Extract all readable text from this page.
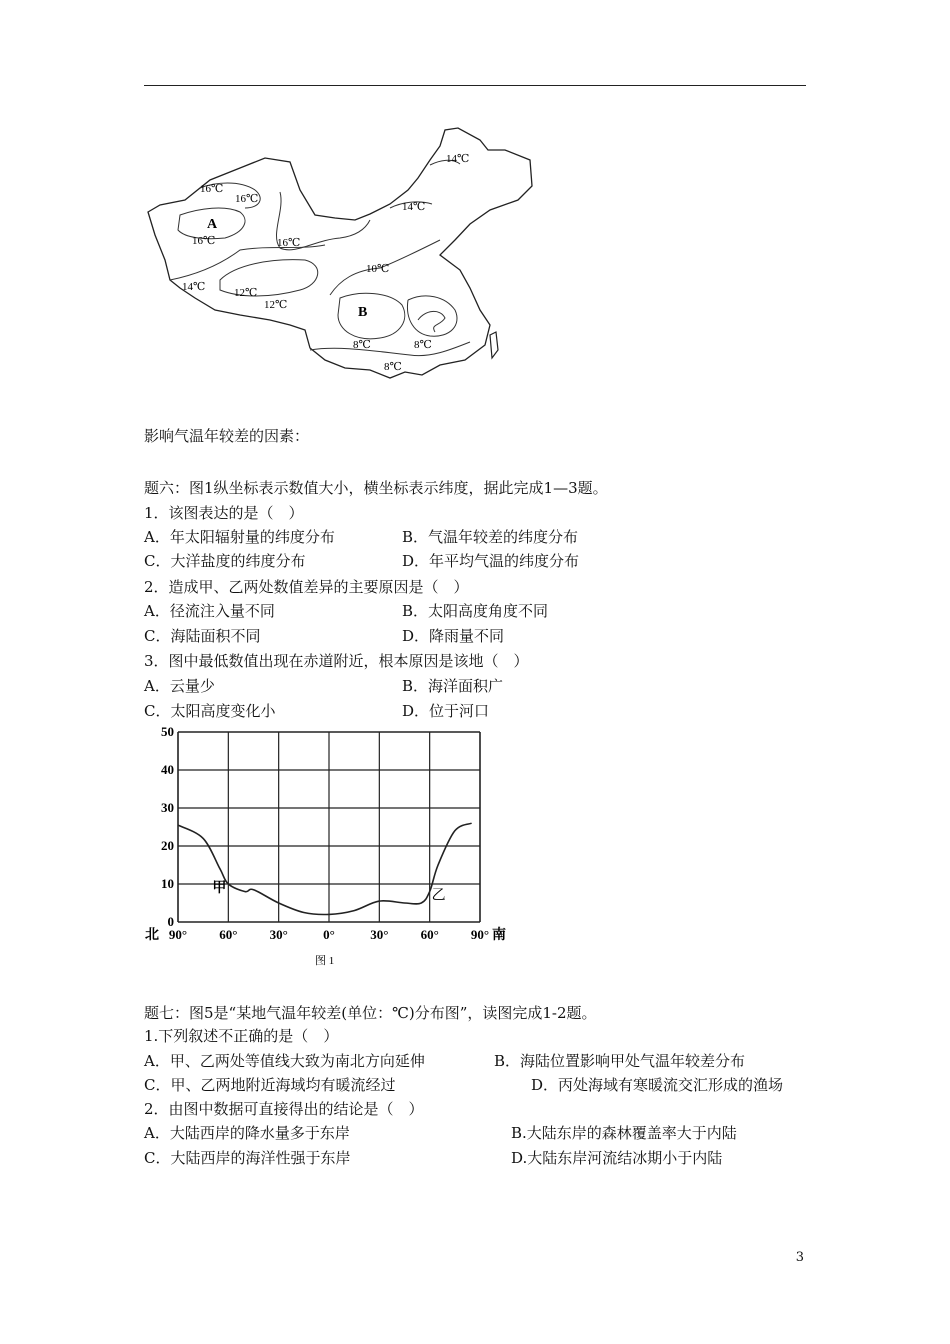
A
B
14℃
16℃
16℃
14℃
16℃	16℃
10℃
14℃	12℃
12℃
8℃	8℃
8℃
影响气温年较差的因素：
题六：图1纵坐标表示数值大小，横坐标表示纬度，据此完成1—3题。
1．该图表达的是（　）
A．年太阳辐射量的纬度分布	B．气温年较差的纬度分布
C．大洋盐度的纬度分布	D．年平均气温的纬度分布
2．造成甲、乙两处数值差异的主要原因是（　）
A．径流注入量不同	B．太阳高度角度不同
C．海陆面积不同	D．降雨量不同
3．图中最低数值出现在赤道附近，根本原因是该地（　）
A．云量少	B．海洋面积广
C．太阳高度变化小	D．位于河口
0
10
20
30
40
50
90° 60° 30°	0°	30° 60° 90°
北	南
甲
乙
图 1
题七：图5是“某地气温年较差(单位：℃)分布图”，读图完成1-2题。
1.下列叙述不正确的是（　）
A．甲、乙两处等值线大致为南北方向延伸	B．海陆位置影响甲处气温年较差分布
C．甲、乙两地附近海域均有暖流经过	D．丙处海域有寒暖流交汇形成的渔场
2．由图中数据可直接得出的结论是（　）
A．大陆西岸的降水量多于东岸	B.大陆东岸的森林覆盖率大于内陆
C．大陆西岸的海洋性强于东岸	D.大陆东岸河流结冰期小于内陆
3
